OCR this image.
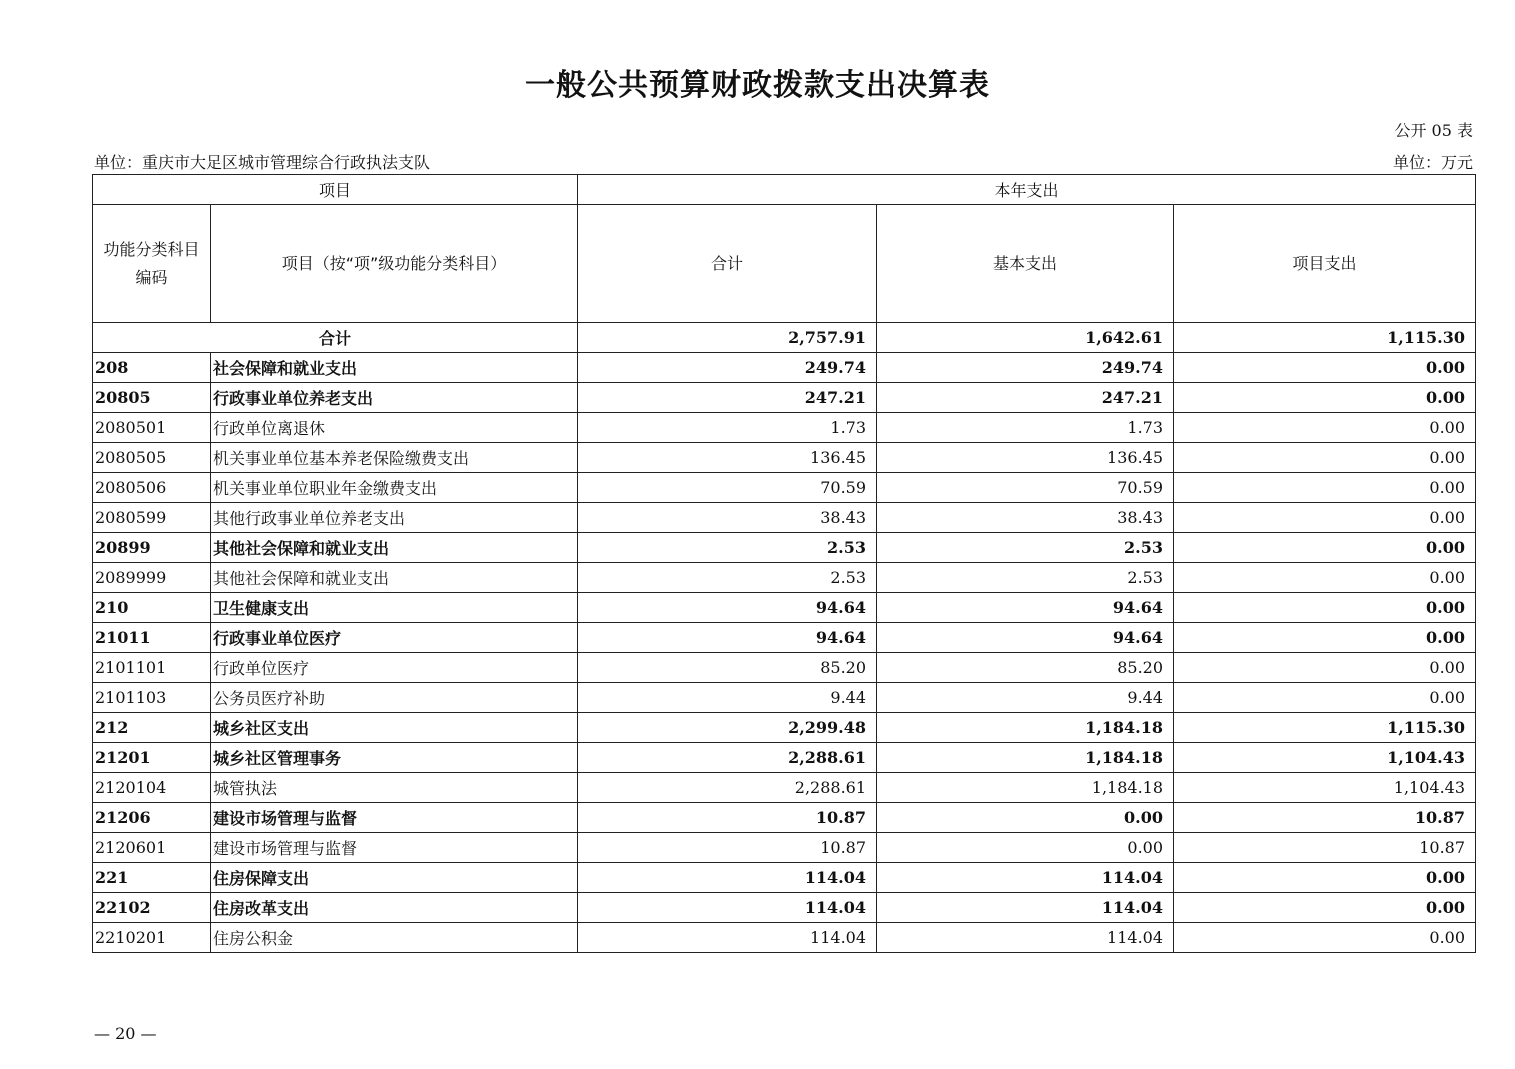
一般公共预算财政拨款支出决算表
公开 05 表
单位：重庆市大足区城市管理综合行政执法支队	单位：万元
项目		本年支出		
功能分类科目编码	项目（按“项”级功能分类科目）	合计	基本支出	项目支出
合计		2,757.91	1,642.61	1,115.30
208	社会保障和就业支出	249.74	249.74	0.00
20805	行政事业单位养老支出	247.21	247.21	0.00
2080501	行政单位离退休	1.73	1.73	0.00
2080505	机关事业单位基本养老保险缴费支出	136.45	136.45	0.00
2080506	机关事业单位职业年金缴费支出	70.59	70.59	0.00
2080599	其他行政事业单位养老支出	38.43	38.43	0.00
20899	其他社会保障和就业支出	2.53	2.53	0.00
2089999	其他社会保障和就业支出	2.53	2.53	0.00
210	卫生健康支出	94.64	94.64	0.00
21011	行政事业单位医疗	94.64	94.64	0.00
2101101	行政单位医疗	85.20	85.20	0.00
2101103	公务员医疗补助	9.44	9.44	0.00
212	城乡社区支出	2,299.48	1,184.18	1,115.30
21201	城乡社区管理事务	2,288.61	1,184.18	1,104.43
2120104	城管执法	2,288.61	1,184.18	1,104.43
21206	建设市场管理与监督	10.87	0.00	10.87
2120601	建设市场管理与监督	10.87	0.00	10.87
221	住房保障支出	114.04	114.04	0.00
22102	住房改革支出	114.04	114.04	0.00
2210201	住房公积金	114.04	114.04	0.00
— 20 —
